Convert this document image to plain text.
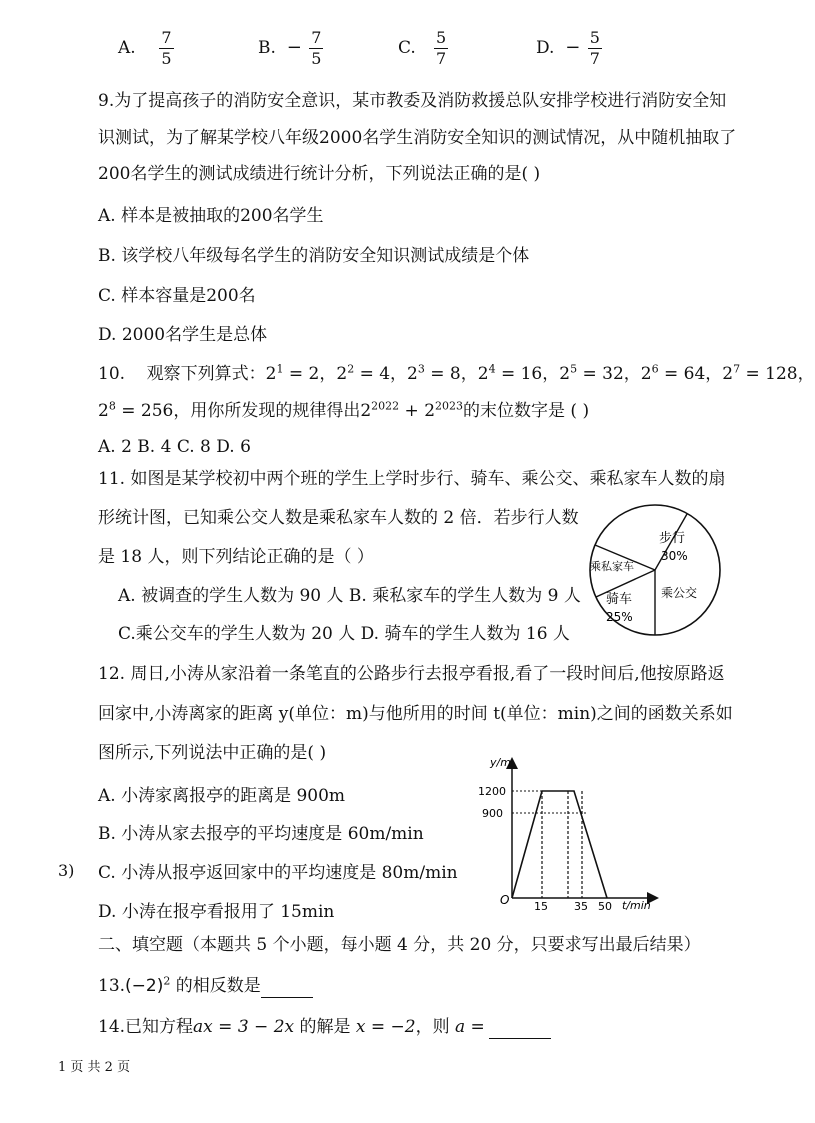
A. $\frac{7}{5}$	B. − $\frac{7}{5}$	C. $\frac{5}{7}$	D. − $\frac{5}{7}$
9.为了提高孩子的消防安全意识，某市教委及消防救援总队安排学校进行消防安全知
识测试，为了解某学校八年级2000名学生消防安全知识的测试情况，从中随机抽取了
200名学生的测试成绩进行统计分析，下列说法正确的是( )
A. 样本是被抽取的200名学生
B. 该学校八年级每名学生的消防安全知识测试成绩是个体
C. 样本容量是200名
D. 2000名学生是总体
10. 观察下列算式：$2^1 = 2$，$2^2 = 4$，$2^3 = 8$，$2^4 = 16$，$2^5 = 32$，$2^6 = 64$，$2^7 = 128$，
$2^8 = 256$，用你所发现的规律得出$2^{2022} + 2^{2023}$的末位数字是 ( )
A. 2 B. 4 C. 8 D. 6
11. 如图是某学校初中两个班的学生上学时步行、骑车、乘公交、乘私家车人数的扇
形统计图，已知乘公交人数是乘私家车人数的 2 倍．若步行人数
是 18 人，则下列结论正确的是（ ）
A. 被调查的学生人数为 90 人 B. 乘私家车的学生人数为 9 人
C.乘公交车的学生人数为 20 人 D. 骑车的学生人数为 16 人
步行
30%
乘私家车
骑车
25%
乘公交
12. 周日,小涛从家沿着一条笔直的公路步行去报亭看报,看了一段时间后,他按原路返
回家中,小涛离家的距离 y(单位：m)与他所用的时间 t(单位：min)之间的函数关系如
图所示,下列说法中正确的是( )
A. 小涛家离报亭的距离是 900m
B. 小涛从家去报亭的平均速度是 60m/min
3) C. 小涛从报亭返回家中的平均速度是 80m/min
D. 小涛在报亭看报用了 15min
y/m
t/min
O
1200
900
15 35 50
二、填空题（本题共 5 个小题，每小题 4 分，共 20 分，只要求写出最后结果）
$13.(-2)^2$ 的相反数是
14.已知方程ax = 3 − 2x 的解是 x = −2，则 a =
1 页 共 2 页
